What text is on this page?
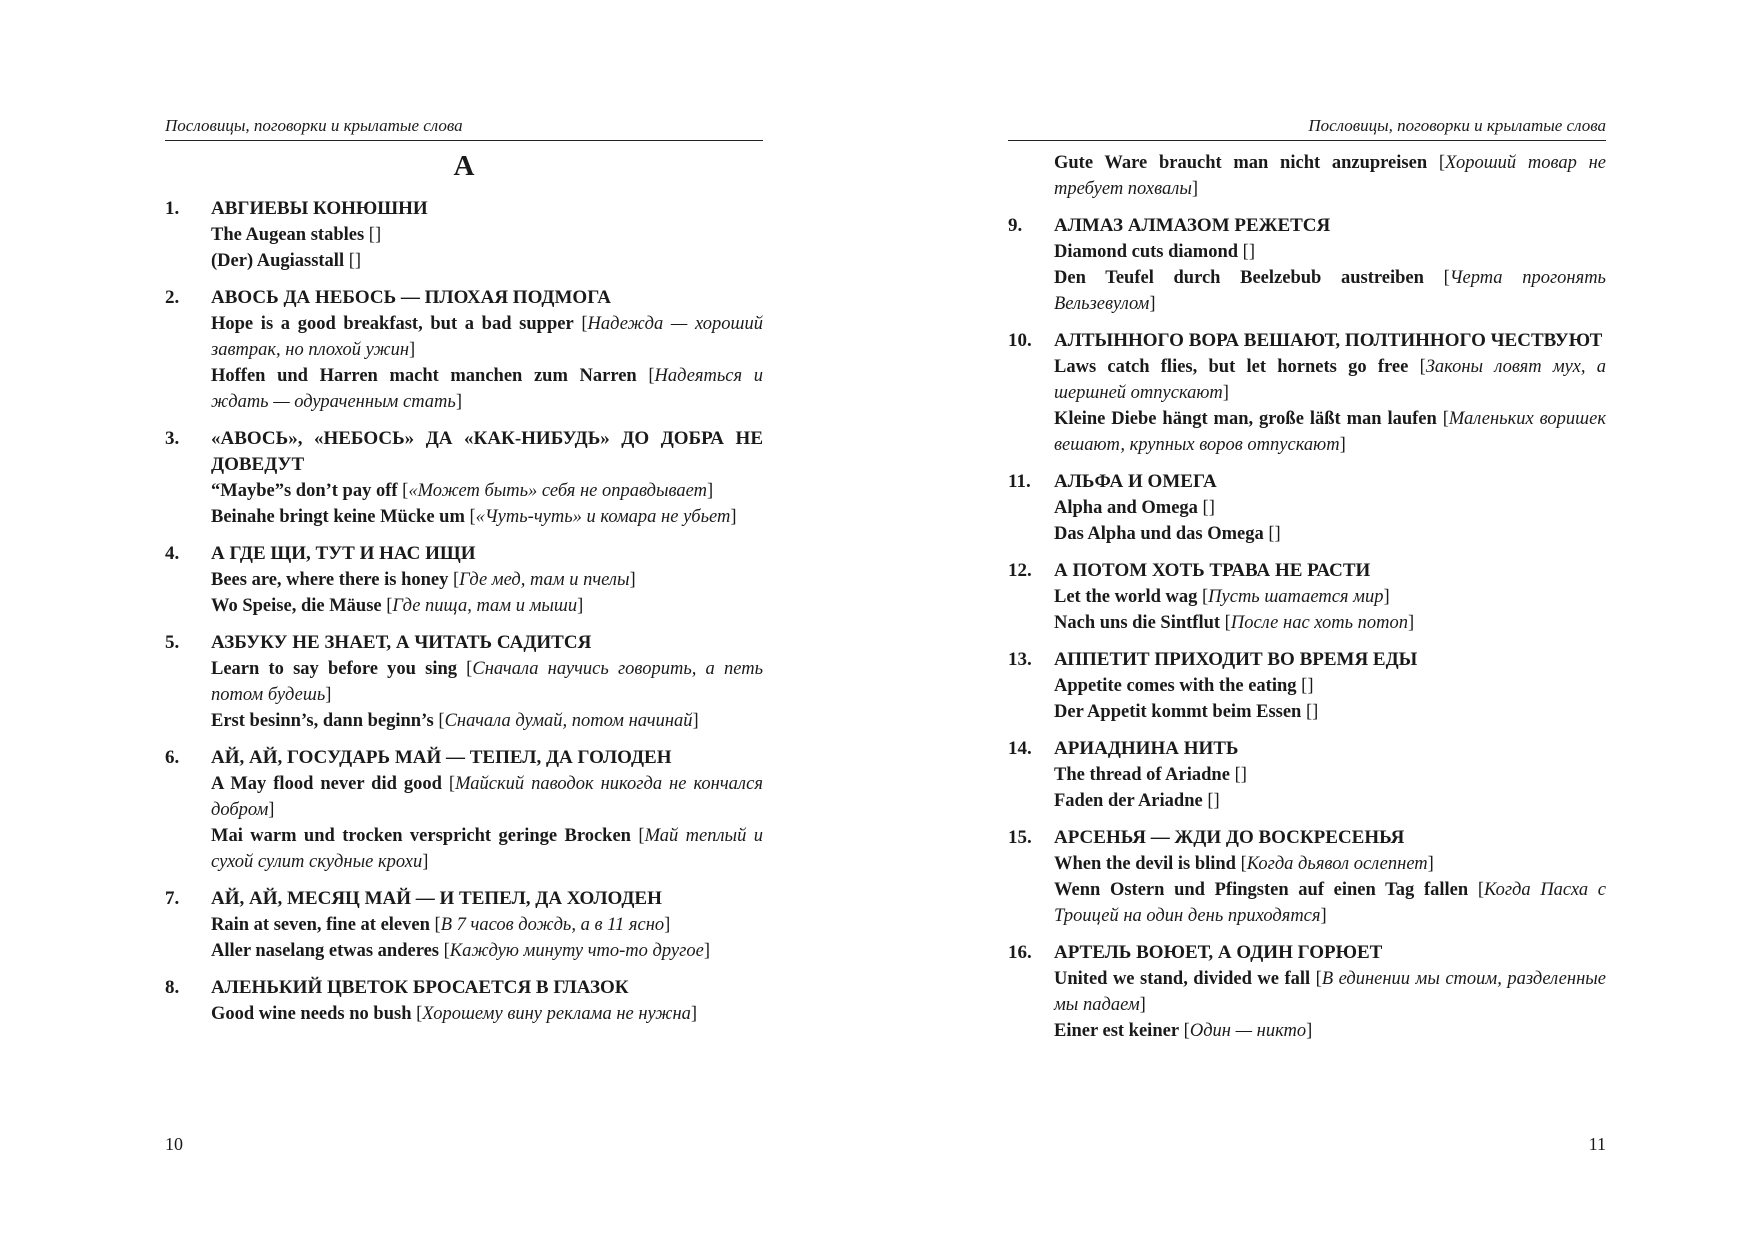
Пословицы, поговорки и крылатые слова
А
1. АВГИЕВЫ КОНЮШНИ
The Augean stables []
(Der) Augiasstall []
2. АВОСЬ ДА НЕБОСЬ — ПЛОХАЯ ПОДМОГА
Hope is a good breakfast, but a bad supper [Надежда — хороший завтрак, но плохой ужин]
Hoffen und Harren macht manchen zum Narren [Надеяться и ждать — одураченным стать]
3. «АВОСЬ», «НЕБОСЬ» ДА «КАК-НИБУДЬ» ДО ДОБРА НЕ ДОВЕДУТ
“Maybe”s don’t pay off [«Может быть» себя не оправдывает]
Beinahe bringt keine Mücke um [«Чуть-чуть» и комара не убьет]
4. А ГДЕ ЩИ, ТУТ И НАС ИЩИ
Bees are, where there is honey [Где мед, там и пчелы]
Wo Speise, die Mäuse [Где пища, там и мыши]
5. АЗБУКУ НЕ ЗНАЕТ, А ЧИТАТЬ САДИТСЯ
Learn to say before you sing [Сначала научись говорить, а петь потом будешь]
Erst besinn’s, dann beginn’s [Сначала думай, потом начинай]
6. АЙ, АЙ, ГОСУДАРЬ МАЙ — ТЕПЕЛ, ДА ГОЛОДЕН
A May flood never did good [Майский паводок никогда не кончался добром]
Mai warm und trocken verspricht geringe Brocken [Май теплый и сухой сулит скудные крохи]
7. АЙ, АЙ, МЕСЯЦ МАЙ — И ТЕПЕЛ, ДА ХОЛОДЕН
Rain at seven, fine at eleven [В 7 часов дождь, а в 11 ясно]
Aller naselang etwas anderes [Каждую минуту что-то другое]
8. АЛЕНЬКИЙ ЦВЕТОК БРОСАЕТСЯ В ГЛАЗОК
Good wine needs no bush [Хорошему вину реклама не нужна]
10
Пословицы, поговорки и крылатые слова
Gute Ware braucht man nicht anzupreisen [Хороший товар не требует похвалы]
9. АЛМАЗ АЛМАЗОМ РЕЖЕТСЯ
Diamond cuts diamond []
Den Teufel durch Beelzebub austreiben [Черта прогонять Вельзевулом]
10. АЛТЫННОГО ВОРА ВЕШАЮТ, ПОЛТИННОГО ЧЕСТВУЮТ
Laws catch flies, but let hornets go free [Законы ловят мух, а шершней отпускают]
Kleine Diebe hängt man, große läßt man laufen [Маленьких воришек вешают, крупных воров отпускают]
11. АЛЬФА И ОМЕГА
Alpha and Omega []
Das Alpha und das Omega []
12. А ПОТОМ ХОТЬ ТРАВА НЕ РАСТИ
Let the world wag [Пусть шатается мир]
Nach uns die Sintflut [После нас хоть потоп]
13. АППЕТИТ ПРИХОДИТ ВО ВРЕМЯ ЕДЫ
Appetite comes with the eating []
Der Appetit kommt beim Essen []
14. АРИАДНИНА НИТЬ
The thread of Ariadne []
Faden der Ariadne []
15. АРСЕНЬЯ — ЖДИ ДО ВОСКРЕСЕНЬЯ
When the devil is blind [Когда дьявол ослепнет]
Wenn Ostern und Pfingsten auf einen Tag fallen [Когда Пасха с Троицей на один день приходятся]
16. АРТЕЛЬ ВОЮЕТ, А ОДИН ГОРЮЕТ
United we stand, divided we fall [В единении мы стоим, разделенные мы падаем]
Einer est keiner [Один — никто]
11
